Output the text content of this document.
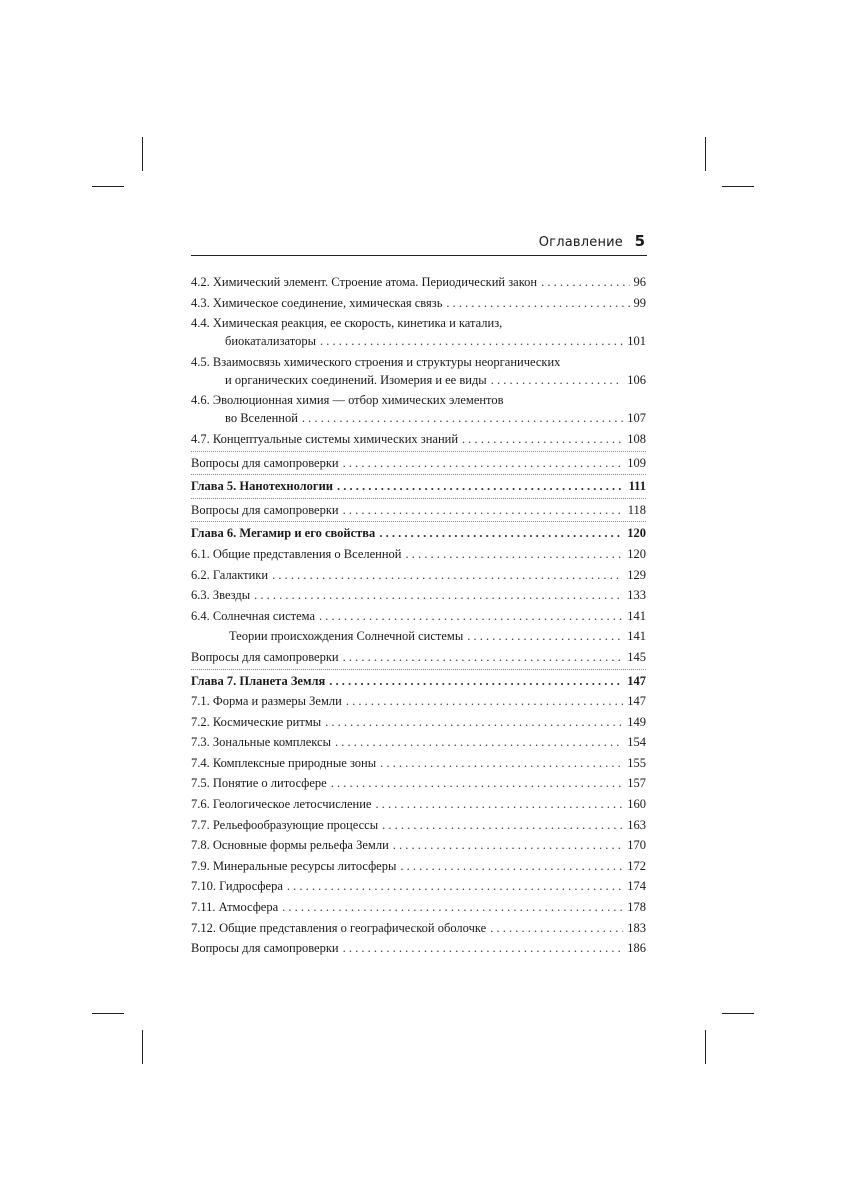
Оглавление 5
4.2. Химический элемент. Строение атома. Периодический закон . . .	96
4.3. Химическое соединение, химическая связь . . .	99
4.4. Химическая реакция, ее скорость, кинетика и катализ,
биокатализаторы . . .	101
4.5. Взаимосвязь химического строения и структуры неорганических
и органических соединений. Изомерия и ее виды . . .	106
4.6. Эволюционная химия — отбор химических элементов
во Вселенной . . .	107
4.7. Концептуальные системы химических знаний . . .	108
Вопросы для самопроверки . . .	109
Глава 5. Нанотехнологии . . .	111
Вопросы для самопроверки . . .	118
Глава 6. Мегамир и его свойства . . .	120
6.1. Общие представления о Вселенной . . .	120
6.2. Галактики . . .	129
6.3. Звезды . . .	133
6.4. Солнечная система . . .	141
Теории происхождения Солнечной системы . . .	141
Вопросы для самопроверки . . .	145
Глава 7. Планета Земля . . .	147
7.1. Форма и размеры Земли . . .	147
7.2. Космические ритмы . . .	149
7.3. Зональные комплексы . . .	154
7.4. Комплексные природные зоны . . .	155
7.5. Понятие о литосфере . . .	157
7.6. Геологическое летосчисление . . .	160
7.7. Рельефообразующие процессы . . .	163
7.8. Основные формы рельефа Земли . . .	170
7.9. Минеральные ресурсы литосферы . . .	172
7.10. Гидросфера . . .	174
7.11. Атмосфера . . .	178
7.12. Общие представления о географической оболочке . . .	183
Вопросы для самопроверки . . .	186
